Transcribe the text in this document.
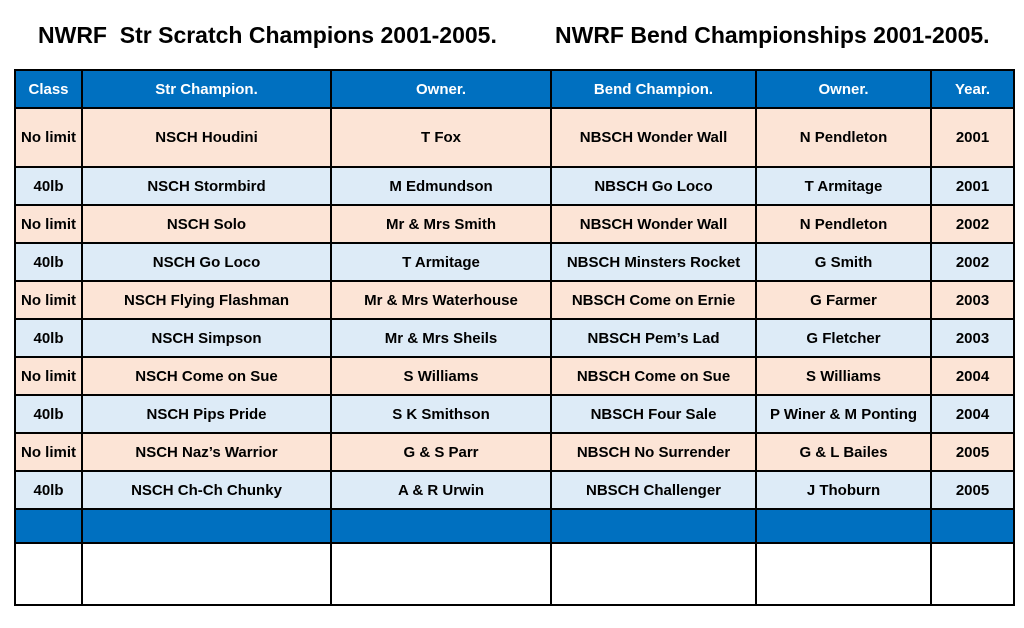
NWRF  Str Scratch Champions 2001-2005.	NWRF Bend Championships 2001-2005.
Class	Str Champion.	Owner.	Bend Champion.	Owner.	Year.
No limit	NSCH Houdini	T Fox	NBSCH Wonder Wall	N Pendleton	2001
40lb	NSCH Stormbird	M Edmundson	NBSCH Go Loco	T Armitage	2001
No limit	NSCH Solo	Mr & Mrs Smith	NBSCH Wonder Wall	N Pendleton	2002
40lb	NSCH Go Loco	T Armitage	NBSCH Minsters Rocket	G Smith	2002
No limit	NSCH Flying Flashman	Mr & Mrs Waterhouse	NBSCH Come on Ernie	G Farmer	2003
40lb	NSCH Simpson	Mr & Mrs Sheils	NBSCH Pem’s Lad	G Fletcher	2003
No limit	NSCH Come on Sue	S Williams	NBSCH Come on Sue	S Williams	2004
40lb	NSCH Pips Pride	S K Smithson	NBSCH Four Sale	P Winer & M Ponting	2004
No limit	NSCH Naz’s Warrior	G & S Parr	NBSCH No Surrender	G & L Bailes	2005
40lb	NSCH Ch-Ch Chunky	A & R Urwin	NBSCH Challenger	J Thoburn	2005
